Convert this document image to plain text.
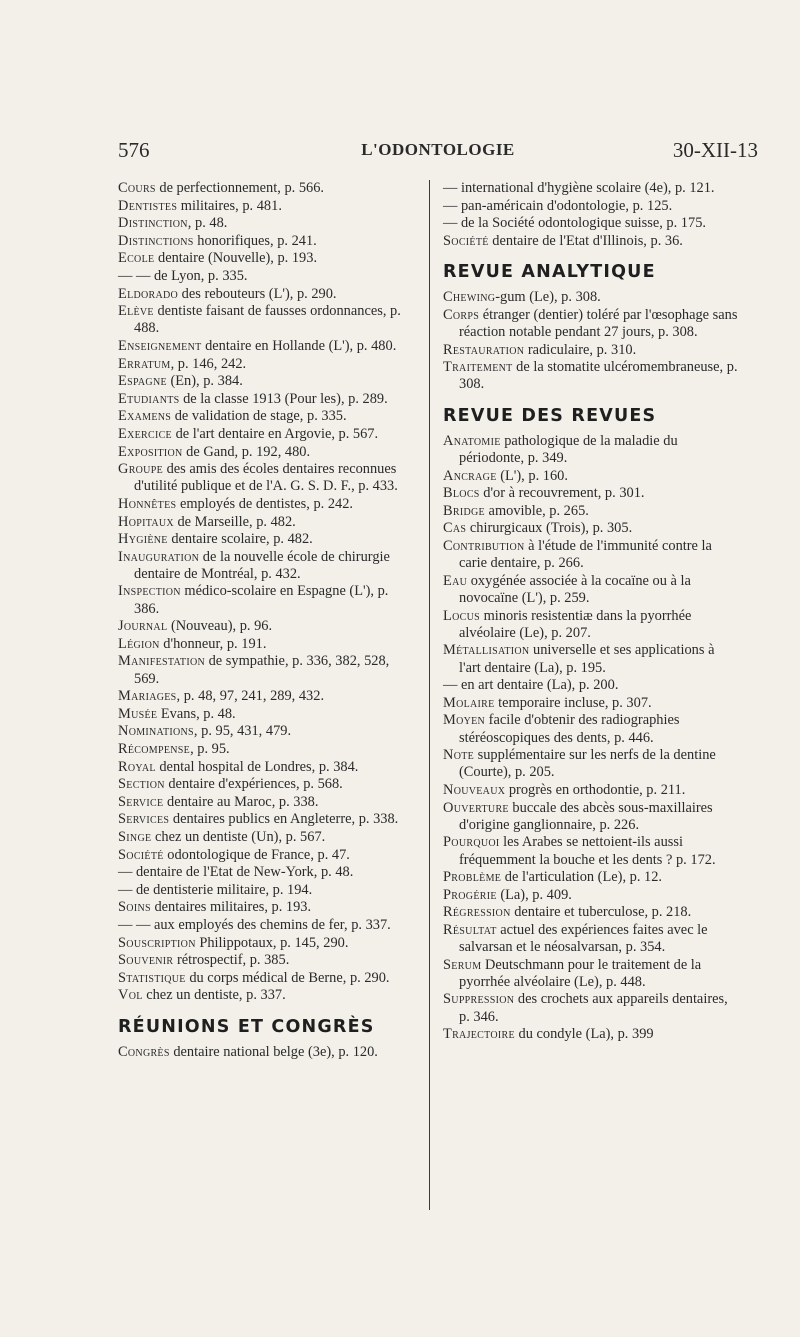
576	L'ODONTOLOGIE	30-XII-13
Cours de perfectionnement, p. 566.
Dentistes militaires, p. 481.
Distinction, p. 48.
Distinctions honorifiques, p. 241.
Ecole dentaire (Nouvelle), p. 193.
— — de Lyon, p. 335.
Eldorado des rebouteurs (L'), p. 290.
Elève dentiste faisant de fausses ordonnances, p. 488.
Enseignement dentaire en Hollande (L'), p. 480.
Erratum, p. 146, 242.
Espagne (En), p. 384.
Etudiants de la classe 1913 (Pour les), p. 289.
Examens de validation de stage, p. 335.
Exercice de l'art dentaire en Argovie, p. 567.
Exposition de Gand, p. 192, 480.
Groupe des amis des écoles dentaires reconnues d'utilité publique et de l'A. G. S. D. F., p. 433.
Honnêtes employés de dentistes, p. 242.
Hopitaux de Marseille, p. 482.
Hygiène dentaire scolaire, p. 482.
Inauguration de la nouvelle école de chirurgie dentaire de Montréal, p. 432.
Inspection médico-scolaire en Espagne (L'), p. 386.
Journal (Nouveau), p. 96.
Légion d'honneur, p. 191.
Manifestation de sympathie, p. 336, 382, 528, 569.
Mariages, p. 48, 97, 241, 289, 432.
Musée Evans, p. 48.
Nominations, p. 95, 431, 479.
Récompense, p. 95.
Royal dental hospital de Londres, p. 384.
Section dentaire d'expériences, p. 568.
Service dentaire au Maroc, p. 338.
Services dentaires publics en Angleterre, p. 338.
Singe chez un dentiste (Un), p. 567.
Société odontologique de France, p. 47.
— dentaire de l'Etat de New-York, p. 48.
— de dentisterie militaire, p. 194.
Soins dentaires militaires, p. 193.
— — aux employés des chemins de fer, p. 337.
Souscription Philippotaux, p. 145, 290.
Souvenir rétrospectif, p. 385.
Statistique du corps médical de Berne, p. 290.
Vol chez un dentiste, p. 337.
RÉUNIONS ET CONGRÈS
Congrès dentaire national belge (3e), p. 120.
— international d'hygiène scolaire (4e), p. 121.
— pan-américain d'odontologie, p. 125.
— de la Société odontologique suisse, p. 175.
Société dentaire de l'Etat d'Illinois, p. 36.
REVUE ANALYTIQUE
Chewing-gum (Le), p. 308.
Corps étranger (dentier) toléré par l'œsophage sans réaction notable pendant 27 jours, p. 308.
Restauration radiculaire, p. 310.
Traitement de la stomatite ulcéromembraneuse, p. 308.
REVUE DES REVUES
Anatomie pathologique de la maladie du périodonte, p. 349.
Ancrage (L'), p. 160.
Blocs d'or à recouvrement, p. 301.
Bridge amovible, p. 265.
Cas chirurgicaux (Trois), p. 305.
Contribution à l'étude de l'immunité contre la carie dentaire, p. 266.
Eau oxygénée associée à la cocaïne ou à la novocaïne (L'), p. 259.
Locus minoris resistentiæ dans la pyorrhée alvéolaire (Le), p. 207.
Métallisation universelle et ses applications à l'art dentaire (La), p. 195.
— en art dentaire (La), p. 200.
Molaire temporaire incluse, p. 307.
Moyen facile d'obtenir des radiographies stéréoscopiques des dents, p. 446.
Note supplémentaire sur les nerfs de la dentine (Courte), p. 205.
Nouveaux progrès en orthodontie, p. 211.
Ouverture buccale des abcès sous-maxillaires d'origine ganglionnaire, p. 226.
Pourquoi les Arabes se nettoient-ils aussi fréquemment la bouche et les dents ? p. 172.
Problème de l'articulation (Le), p. 12.
Progérie (La), p. 409.
Régression dentaire et tuberculose, p. 218.
Résultat actuel des expériences faites avec le salvarsan et le néosalvarsan, p. 354.
Serum Deutschmann pour le traitement de la pyorrhée alvéolaire (Le), p. 448.
Suppression des crochets aux appareils dentaires, p. 346.
Trajectoire du condyle (La), p. 399
